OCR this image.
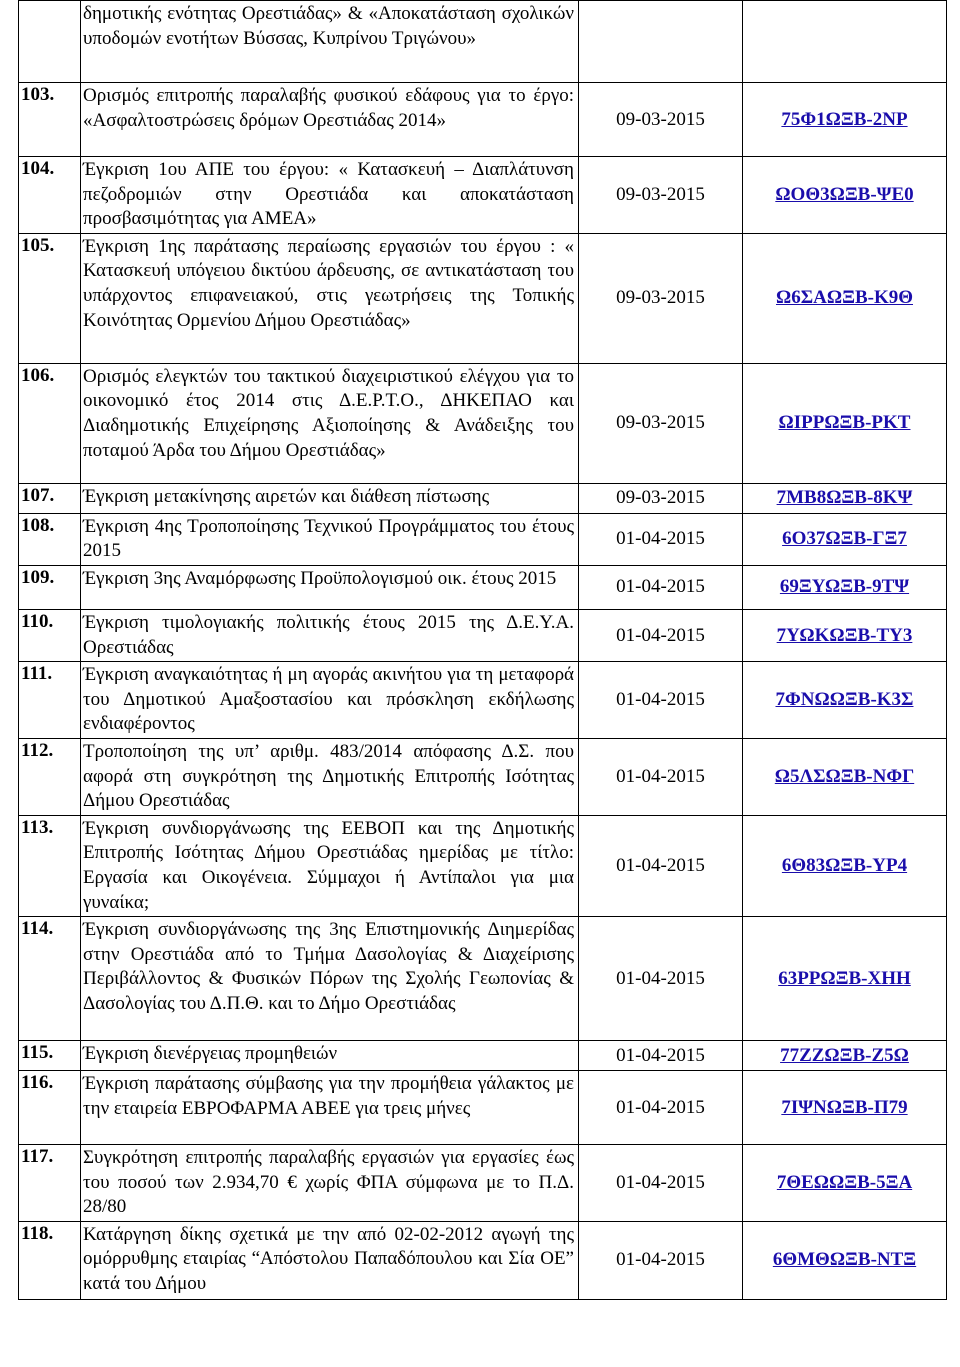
	δημοτικής ενότητας Ορεστιάδας» & «Αποκατάσταση σχολικών υποδομών ενοτήτων Βύσσας, Κυπρίνου Τριγώνου»		
103.	Ορισμός επιτροπής παραλαβής φυσικού εδάφους για το έργο: «Ασφαλτοστρώσεις δρόμων Ορεστιάδας 2014»	09-03-2015	75Φ1ΩΞΒ-2ΝΡ
104.	Έγκριση 1ου ΑΠΕ του έργου: « Κατασκευή – Διαπλάτυνση πεζοδρομιών στην Ορεστιάδα και αποκατάσταση προσβασιμότητας για ΑΜΕΑ»	09-03-2015	ΩΟΘ3ΩΞΒ-ΨΕ0
105.	Έγκριση 1ης παράτασης περαίωσης εργασιών του έργου : « Κατασκευή υπόγειου δικτύου άρδευσης, σε αντικατάσταση του υπάρχοντος επιφανειακού, στις γεωτρήσεις της Τοπικής Κοινότητας Ορμενίου Δήμου Ορεστιάδας»	09-03-2015	Ω6ΣΑΩΞΒ-Κ9Θ
106.	Ορισμός ελεγκτών του τακτικού διαχειριστικού ελέγχου για το οικονομικό έτος 2014 στις Δ.Ε.Ρ.Τ.Ο., ΔΗΚΕΠΑΟ και Διαδημοτικής Επιχείρησης Αξιοποίησης & Ανάδειξης του ποταμού Άρδα του Δήμου Ορεστιάδας»	09-03-2015	ΩΙΡΡΩΞΒ-ΡΚΤ
107.	Έγκριση μετακίνησης αιρετών και διάθεση πίστωσης	09-03-2015	7ΜΒ8ΩΞΒ-8ΚΨ
108.	Έγκριση 4ης Τροποποίησης Τεχνικού Προγράμματος του έτους 2015	01-04-2015	6Ο37ΩΞΒ-ΓΞ7
109.	Έγκριση 3ης Αναμόρφωσης Προϋπολογισμού οικ. έτους 2015	01-04-2015	69ΞΥΩΞΒ-9ΤΨ
110.	Έγκριση τιμολογιακής πολιτικής έτους 2015 της Δ.Ε.Υ.Α. Ορεστιάδας	01-04-2015	7ΥΩΚΩΞΒ-ΤΥ3
111.	Έγκριση αναγκαιότητας ή μη αγοράς ακινήτου για τη μεταφορά του Δημοτικού Αμαξοστασίου και πρόσκληση εκδήλωσης ενδιαφέροντος	01-04-2015	7ΦΝΩΩΞΒ-Κ3Σ
112.	Τροποποίηση της υπ’ αριθμ. 483/2014 απόφασης Δ.Σ. που αφορά στη συγκρότηση της Δημοτικής Επιτροπής Ισότητας Δήμου Ορεστιάδας	01-04-2015	Ω5ΛΣΩΞΒ-ΝΦΓ
113.	Έγκριση συνδιοργάνωσης της ΕΕΒΟΠ και της Δημοτικής Επιτροπής Ισότητας Δήμου Ορεστιάδας ημερίδας με τίτλο: Εργασία και Οικογένεια. Σύμμαχοι ή Αντίπαλοι για μια γυναίκα;	01-04-2015	6Θ83ΩΞΒ-ΥΡ4
114.	Έγκριση συνδιοργάνωσης της 3ης Επιστημονικής Διημερίδας στην Ορεστιάδα από το Τμήμα Δασολογίας & Διαχείρισης Περιβάλλοντος & Φυσικών Πόρων της Σχολής Γεωπονίας & Δασολογίας του Δ.Π.Θ. και το Δήμο Ορεστιάδας	01-04-2015	63ΡΡΩΞΒ-ΧΗΗ
115.	Έγκριση διενέργειας προμηθειών	01-04-2015	77ΖΖΩΞΒ-Ζ5Ω
116.	Έγκριση παράτασης σύμβασης για την προμήθεια γάλακτος με την εταιρεία ΕΒΡΟΦΑΡΜΑ ΑΒΕΕ για τρεις μήνες	01-04-2015	7ΙΨΝΩΞΒ-Π79
117.	Συγκρότηση επιτροπής παραλαβής εργασιών για εργασίες έως του ποσού των 2.934,70 € χωρίς ΦΠΑ σύμφωνα με το Π.Δ. 28/80	01-04-2015	7ΘΕΩΩΞΒ-5ΞΑ
118.	Κατάργηση δίκης σχετικά με την από 02-02-2012 αγωγή της ομόρρυθμης εταιρίας “Απόστολου Παπαδόπουλου και Σία ΟΕ” κατά του Δήμου	01-04-2015	6ΘΜΘΩΞΒ-ΝΤΞ
